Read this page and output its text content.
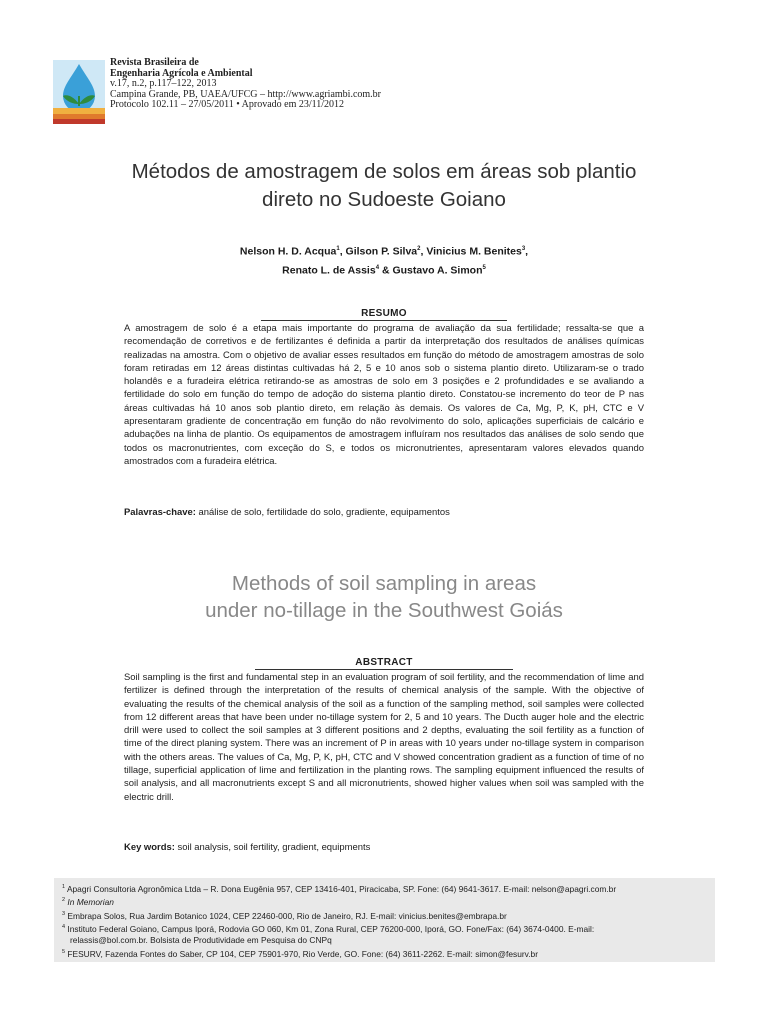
Revista Brasileira de
Engenharia Agrícola e Ambiental
v.17, n.2, p.117–122, 2013
Campina Grande, PB, UAEA/UFCG – http://www.agriambi.com.br
Protocolo 102.11 – 27/05/2011 • Aprovado em 23/11/2012
Métodos de amostragem de solos em áreas sob plantio
direto no Sudoeste Goiano
Nelson H. D. Acqua$^1$, Gilson P. Silva$^2$, Vinicius M. Benites$^3$,
Renato L. de Assis$^4$ & Gustavo A. Simon$^5$
RESUMO
A amostragem de solo é a etapa mais importante do programa de avaliação da sua fertilidade; ressalta-se que a recomendação de corretivos e de fertilizantes é definida a partir da interpretação dos resultados de análises químicas realizadas na amostra. Com o objetivo de avaliar esses resultados em função do método de amostragem amostras de solo foram retiradas em 12 áreas distintas cultivadas há 2, 5 e 10 anos sob o sistema plantio direto. Utilizaram-se o trado holandês e a furadeira elétrica retirando-se as amostras de solo em 3 posições e 2 profundidades e se avaliando a fertilidade do solo em função do tempo de adoção do sistema plantio direto. Constatou-se incremento do teor de P nas áreas cultivadas há 10 anos sob plantio direto, em relação às demais. Os valores de Ca, Mg, P, K, pH, CTC e V apresentaram gradiente de concentração em função do não revolvimento do solo, aplicações superficiais de calcário e adubações na linha de plantio. Os equipamentos de amostragem influíram nos resultados das análises de solo sendo que todos os macronutrientes, com exceção do S, e todos os micronutrientes, apresentaram valores elevados quando amostrados com a furadeira elétrica.
Palavras-chave: análise de solo, fertilidade do solo, gradiente, equipamentos
Methods of soil sampling in areas
under no-tillage in the Southwest Goiás
ABSTRACT
Soil sampling is the first and fundamental step in an evaluation program of soil fertility, and the recommendation of lime and fertilizer is defined through the interpretation of the results of chemical analysis of the sample. With the objective of evaluating the results of the chemical analysis of the soil as a function of the sampling method, soil samples were collected from 12 different areas that have been under no-tillage system for 2, 5 and 10 years. The Ducth auger hole and the electric drill were used to collect the soil samples at 3 different positions and 2 depths, evaluating the soil fertility as a function of time of the direct planing system. There was an increment of P in areas with 10 years under no-tillage system in comparison with the others areas. The values of Ca, Mg, P, K, pH, CTC and V showed concentration gradient as a function of time of no tillage, superficial application of lime and fertilization in the planting rows. The sampling equipment influenced the results of soil analysis, and all macronutrients except S and all micronutrients, showed higher values when soil was sampled with the electric drill.
Key words: soil analysis, soil fertility, gradient, equipments
$^1$ Apagri Consultoria Agronômica Ltda – R. Dona Eugênia 957, CEP 13416-401, Piracicaba, SP. Fone: (64) 9641-3617. E-mail: nelson@apagri.com.br
$^2$ In Memorian
$^3$ Embrapa Solos, Rua Jardim Botanico 1024, CEP 22460-000, Rio de Janeiro, RJ. E-mail: vinicius.benites@embrapa.br
$^4$ Instituto Federal Goiano, Campus Iporá, Rodovia GO 060, Km 01, Zona Rural, CEP 76200-000, Iporá, GO. Fone/Fax: (64) 3674-0400. E-mail:
relassis@bol.com.br. Bolsista de Produtividade em Pesquisa do CNPq
$^5$ FESURV, Fazenda Fontes do Saber, CP 104, CEP 75901-970, Rio Verde, GO. Fone: (64) 3611-2262. E-mail: simon@fesurv.br
